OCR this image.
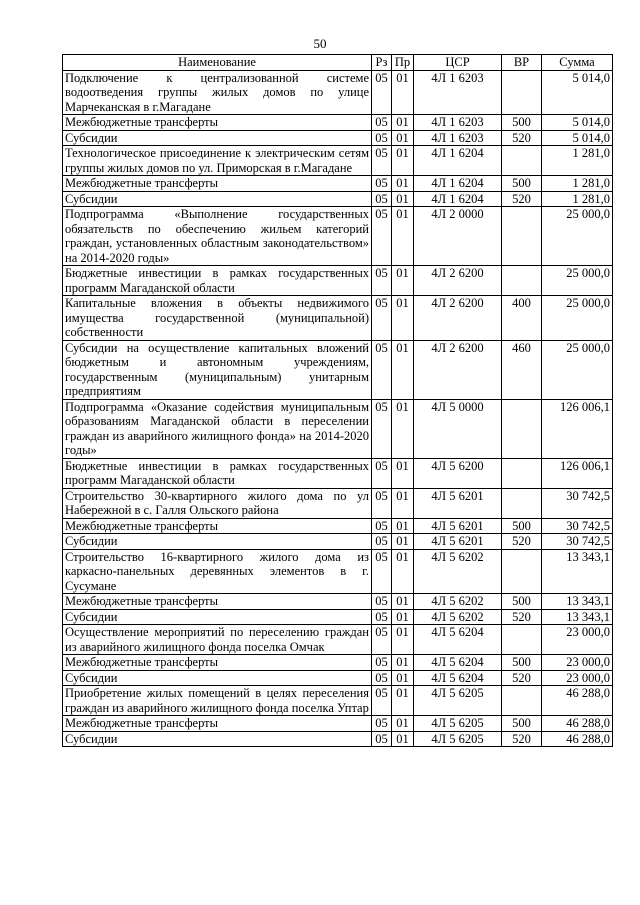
50
Наименование	Рз	Пр	ЦСР	ВР	Сумма
Подключение к централизованной системе водоотведения группы жилых домов по улице Марчеканская в г.Магадане	05	01	4Л 1 6203		5 014,0
Межбюджетные трансферты	05	01	4Л 1 6203	500	5 014,0
Субсидии	05	01	4Л 1 6203	520	5 014,0
Технологическое присоединение к электрическим сетям группы жилых домов по ул. Приморская в г.Магадане	05	01	4Л 1 6204		1 281,0
Межбюджетные трансферты	05	01	4Л 1 6204	500	1 281,0
Субсидии	05	01	4Л 1 6204	520	1 281,0
Подпрограмма «Выполнение государственных обязательств по обеспечению жильем категорий граждан, установленных областным законодательством» на 2014-2020 годы»	05	01	4Л 2 0000		25 000,0
Бюджетные инвестиции в рамках государственных программ Магаданской области	05	01	4Л 2 6200		25 000,0
Капитальные вложения в объекты недвижимого имущества государственной (муниципальной) собственности	05	01	4Л 2 6200	400	25 000,0
Субсидии на осуществление капитальных вложений бюджетным и автономным учреждениям, государственным (муниципальным) унитарным предприятиям	05	01	4Л 2 6200	460	25 000,0
Подпрограмма «Оказание содействия муниципальным образованиям Магаданской области в переселении граждан из аварийного жилищного фонда» на 2014-2020 годы»	05	01	4Л 5 0000		126 006,1
Бюджетные инвестиции в рамках государственных программ Магаданской области	05	01	4Л 5 6200		126 006,1
Строительство 30-квартирного жилого дома по ул Набережной в с. Галля Ольского района	05	01	4Л 5 6201		30 742,5
Межбюджетные трансферты	05	01	4Л 5 6201	500	30 742,5
Субсидии	05	01	4Л 5 6201	520	30 742,5
Строительство 16-квартирного жилого дома из каркасно-панельных деревянных элементов в г. Сусумане	05	01	4Л 5 6202		13 343,1
Межбюджетные трансферты	05	01	4Л 5 6202	500	13 343,1
Субсидии	05	01	4Л 5 6202	520	13 343,1
Осуществление мероприятий по переселению граждан из аварийного жилищного фонда поселка Омчак	05	01	4Л 5 6204		23 000,0
Межбюджетные трансферты	05	01	4Л 5 6204	500	23 000,0
Субсидии	05	01	4Л 5 6204	520	23 000,0
Приобретение жилых помещений в целях переселения граждан из аварийного жилищного фонда поселка Уптар	05	01	4Л 5 6205		46 288,0
Межбюджетные трансферты	05	01	4Л 5 6205	500	46 288,0
Субсидии	05	01	4Л 5 6205	520	46 288,0
